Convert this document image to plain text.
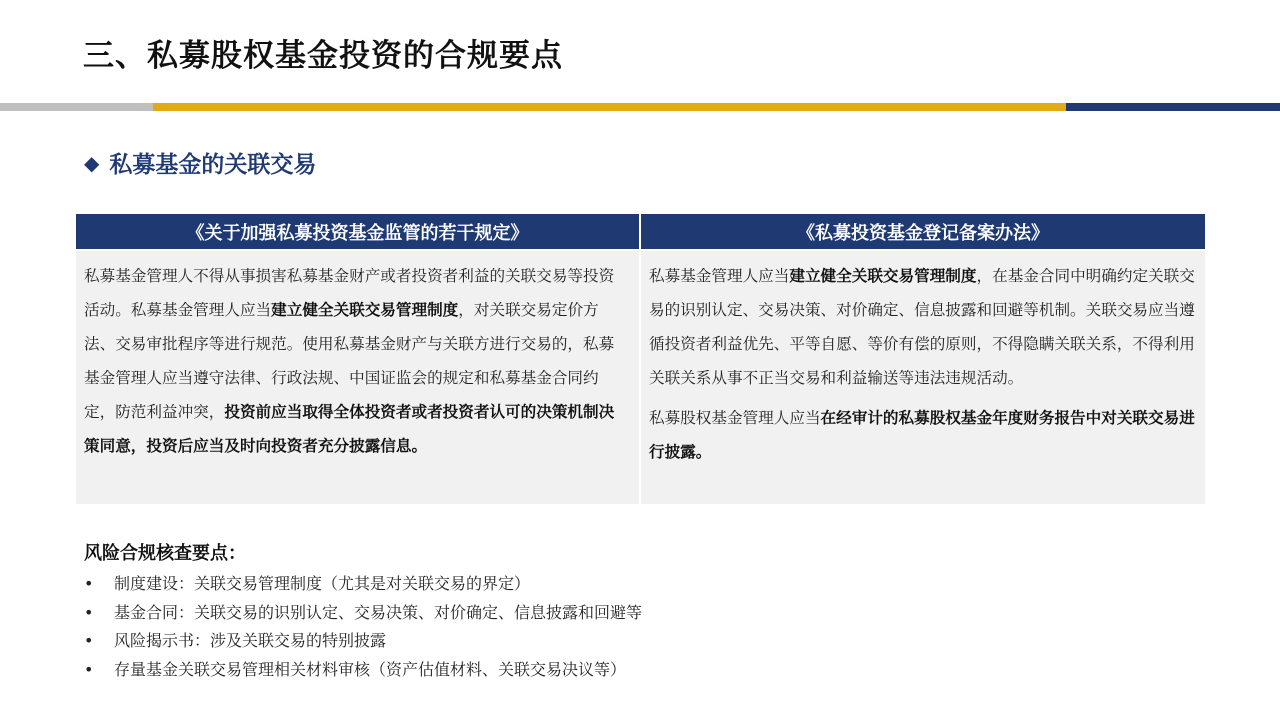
三、私募股权基金投资的合规要点
◆ 私募基金的关联交易
《关于加强私募投资基金监管的若干规定》	《私募投资基金登记备案办法》

私募基金管理人不得从事损害私募基金财产或者投资者利益的关联交易等投资活动。私募基金管理人应当建立健全关联交易管理制度，对关联交易定价方法、交易审批程序等进行规范。使用私募基金财产与关联方进行交易的，私募基金管理人应当遵守法律、行政法规、中国证监会的规定和私募基金合同约定，防范利益冲突，投资前应当取得全体投资者或者投资者认可的决策机制决策同意，投资后应当及时向投资者充分披露信息。

私募基金管理人应当建立健全关联交易管理制度，在基金合同中明确约定关联交易的识别认定、交易决策、对价确定、信息披露和回避等机制。关联交易应当遵循投资者利益优先、平等自愿、等价有偿的原则，不得隐瞒关联关系，不得利用关联关系从事不正当交易和利益输送等违法违规活动。

私募股权基金管理人应当在经审计的私募股权基金年度财务报告中对关联交易进行披露。

风险合规核查要点：
• 制度建设：关联交易管理制度（尤其是对关联交易的界定）
• 基金合同：关联交易的识别认定、交易决策、对价确定、信息披露和回避等
• 风险揭示书：涉及关联交易的特别披露
• 存量基金关联交易管理相关材料审核（资产估值材料、关联交易决议等）
